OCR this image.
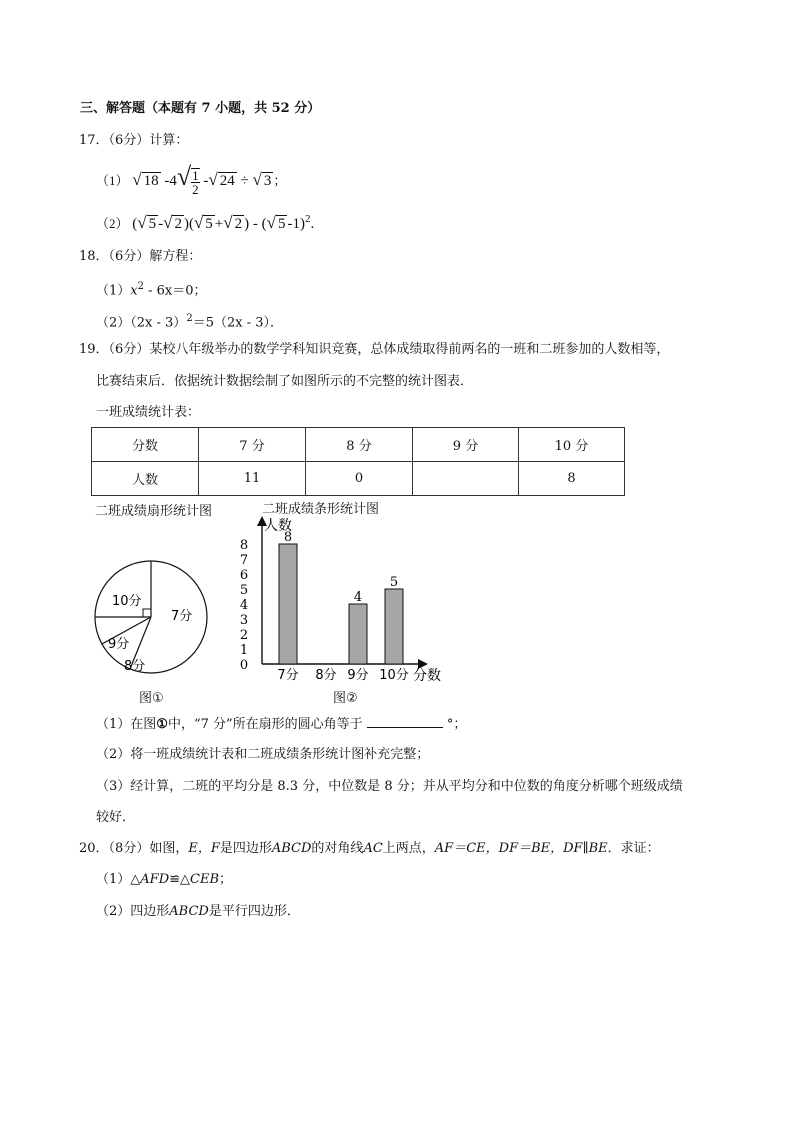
三、解答题（本题有 7 小题，共 52 分）
17．（6分）计算：
（1） √ 18 $-4√ \frac{1}{2}$ -√ 24 ÷ √ 3 ；
（2） (√ 5 -√ 2 )(√ 5 +√ 2 ) - (√ 5 -1)$^2$.
18．（6分）解方程：
$(1)x^2 - 6x=0$；
（2）（2x - 3）$^2$＝5（2x - 3）．
19．（6分）某校八年级举办的数学学科知识竞赛，总体成绩取得前两名的一班和二班参加的人数相等，
比赛结束后．依据统计数据绘制了如图所示的不完整的统计图表．
一班成绩统计表：
分数	7 分	8 分	9 分	10 分
人数	11	0		8
二班成绩扇形统计图
7分
8分
9分
10分
图①
二班成绩条形统计图
人数
分数
0
1
2
3
4
5
6
7
8
7分 8分 9分 10分
8
4
5
图②
（1）在图①中，“7 分”所在扇形的圆心角等于	°；
（2）将一班成绩统计表和二班成绩条形统计图补充完整；
（3）经计算，二班的平均分是 8.3 分，中位数是 8 分；并从平均分和中位数的角度分析哪个班级成绩
较好．
20．（8分）如图，E，F是四边形ABCD的对角线AC上两点，AF＝CE，DF＝BE，DF∥BE．求证：
（1）△AFD≌△CEB；
（2）四边形ABCD是平行四边形．
